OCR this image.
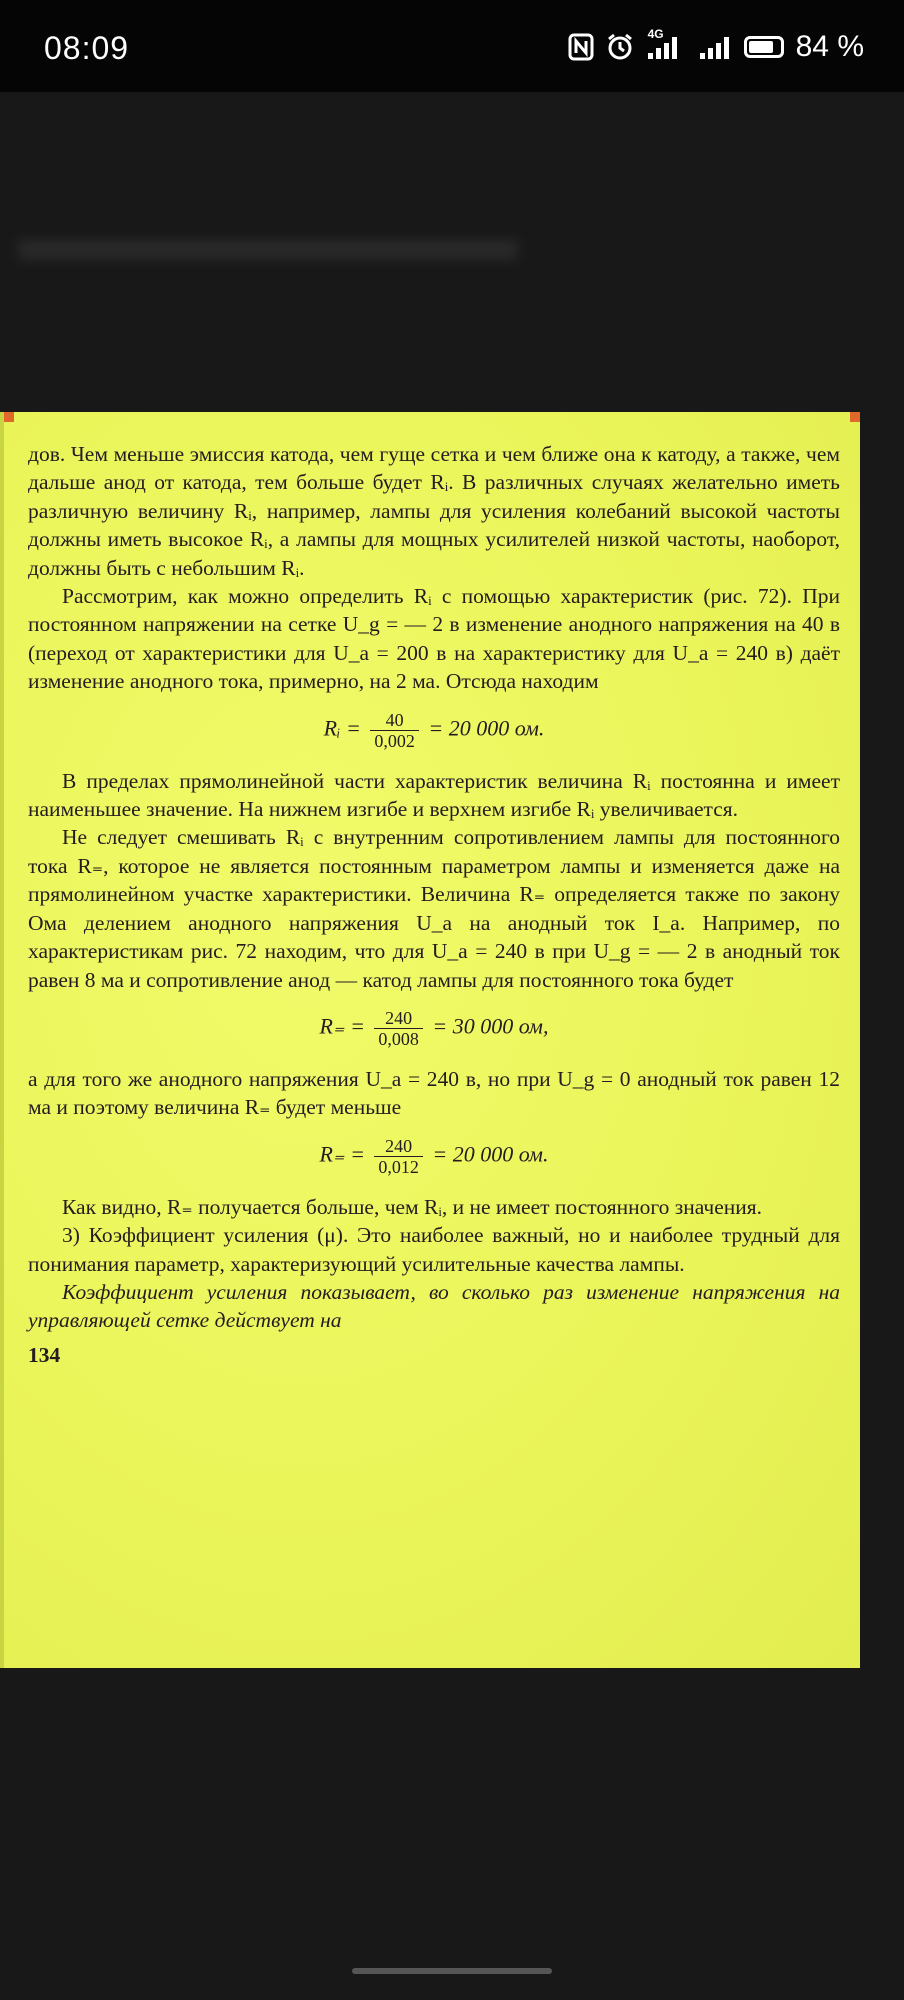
08:09	4G	84 %

дов. Чем меньше эмиссия катода, чем гуще сетка и чем ближе она к катоду, а также, чем дальше анод от катода, тем больше будет Rᵢ. В различных случаях желательно иметь различную величину Rᵢ, например, лампы для усиления колебаний высокой частоты должны иметь высокое Rᵢ, а лампы для мощных усилителей низкой частоты, наоборот, должны быть с небольшим Rᵢ.

Рассмотрим, как можно определить Rᵢ с помощью характеристик (рис. 72). При постоянном напряжении на сетке U_g = — 2 в изменение анодного напряжения на 40 в (переход от характеристики для U_a = 200 в на характеристику для U_a = 240 в) даёт изменение анодного тока, примерно, на 2 ма. Отсюда находим

Rᵢ = $\frac{40}{0,002} = 20$ 000 ом.

В пределах прямолинейной части характеристик величина Rᵢ постоянна и имеет наименьшее значение. На нижнем изгибе и верхнем изгибе Rᵢ увеличивается.

Не следует смешивать Rᵢ с внутренним сопротивлением лампы для постоянного тока R₌, которое не является постоянным параметром лампы и изменяется даже на прямолинейном участке характеристики. Величина R₌ определяется также по закону Ома делением анодного напряжения U_a на анодный ток I_a. Например, по характеристикам рис. 72 находим, что для U_a = 240 в при U_g = — 2 в анодный ток равен 8 ма и сопротивление анод — катод лампы для постоянного тока будет

$R_= = \frac{240}{0,008} = 30$ 000 ом,

а для того же анодного напряжения U_a = 240 в, но при U_g = 0 анодный ток равен 12 ма и поэтому величина R₌ будет меньше

$R_= = \frac{240}{0,012} = 20$ 000 ом.

Как видно, R₌ получается больше, чем Rᵢ, и не имеет постоянного значения.

3) Коэффициент усиления (μ). Это наиболее важный, но и наиболее трудный для понимания параметр, характеризующий усилительные качества лампы.

Коэффициент усиления показывает, во сколько раз изменение напряжения на управляющей сетке действует на

134
